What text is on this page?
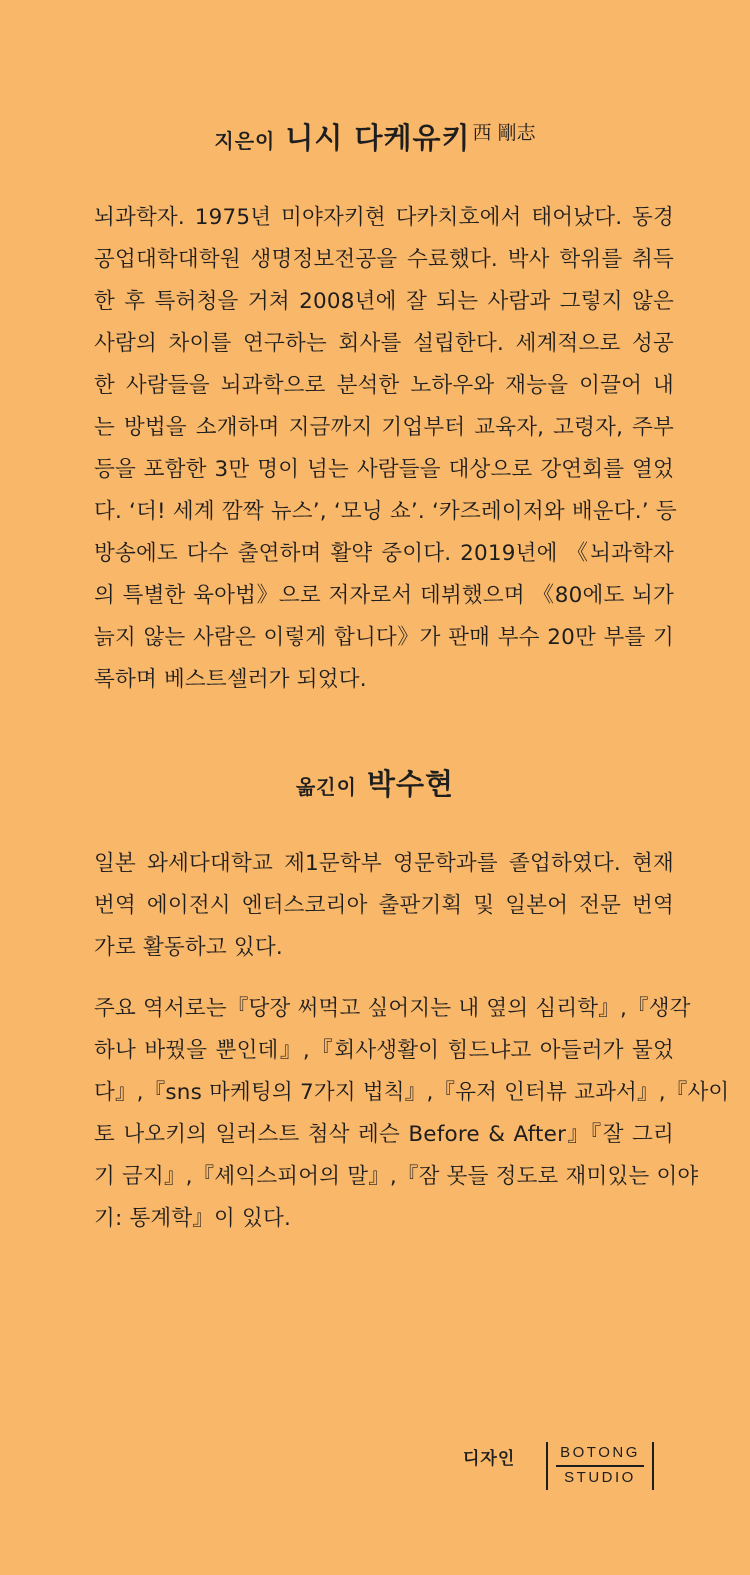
지은이 니시 다케유키 西 剛志
뇌과학자. 1975년 미야자키현 다카치호에서 태어났다. 동경
공업대학대학원 생명정보전공을 수료했다. 박사 학위를 취득
한 후 특허청을 거쳐 2008년에 잘 되는 사람과 그렇지 않은
사람의 차이를 연구하는 회사를 설립한다. 세계적으로 성공
한 사람들을 뇌과학으로 분석한 노하우와 재능을 이끌어 내
는 방법을 소개하며 지금까지 기업부터 교육자, 고령자, 주부
등을 포함한 3만 명이 넘는 사람들을 대상으로 강연회를 열었
다. ‘더! 세계 깜짝 뉴스’, ‘모닝 쇼’. ‘카즈레이저와 배운다.’ 등
방송에도 다수 출연하며 활약 중이다. 2019년에 《뇌과학자
의 특별한 육아법》으로 저자로서 데뷔했으며 《80에도 뇌가
늙지 않는 사람은 이렇게 합니다》가 판매 부수 20만 부를 기
록하며 베스트셀러가 되었다.
옮긴이 박수현
일본 와세다대학교 제1문학부 영문학과를 졸업하였다. 현재
번역 에이전시 엔터스코리아 출판기획 및 일본어 전문 번역
가로 활동하고 있다.
주요 역서로는『당장 써먹고 싶어지는 내 옆의 심리학』,『생각
하나 바꿨을 뿐인데』,『회사생활이 힘드냐고 아들러가 물었
다』,『sns 마케팅의 7가지 법칙』,『유저 인터뷰 교과서』,『사이
토 나오키의 일러스트 첨삭 레슨 Before & After』『잘 그리
기 금지』,『셰익스피어의 말』,『잠 못들 정도로 재미있는 이야
기: 통계학』이 있다.
디자인	BOTONG
STUDIO
